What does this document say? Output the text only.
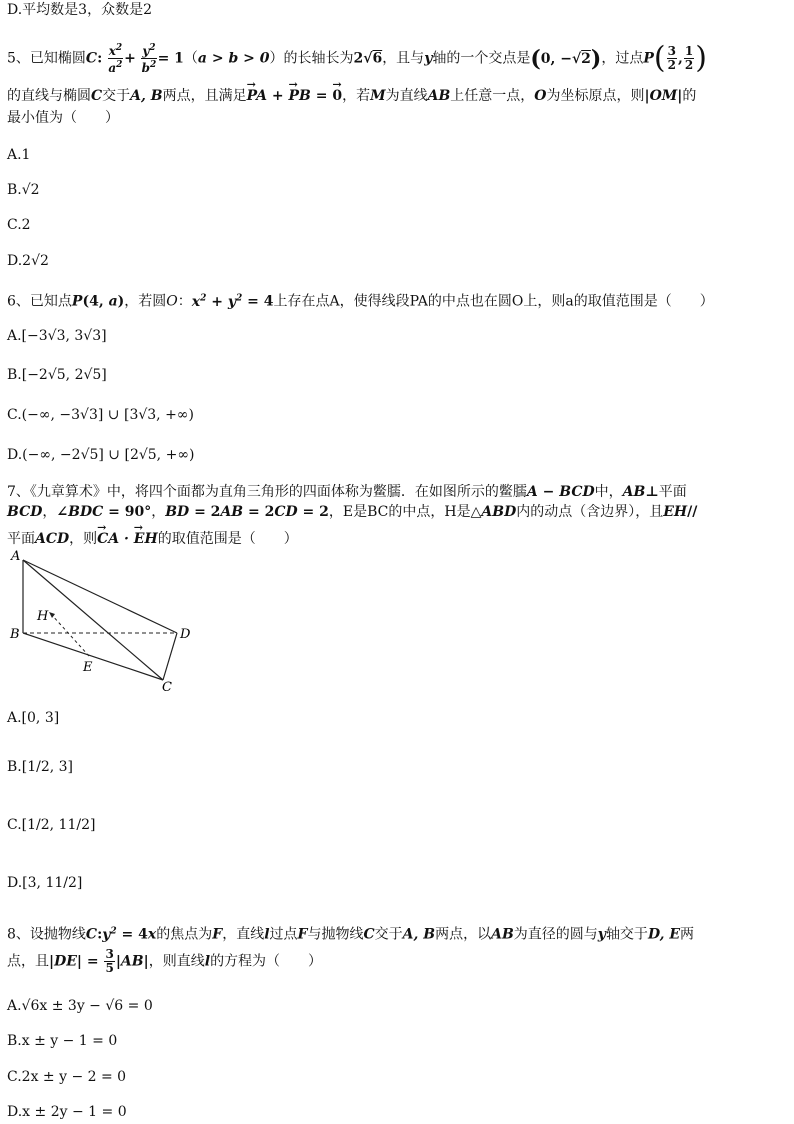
D.平均数是3，众数是2
5、已知椭圆C: $\frac{x^2}{a^2} + \frac{y^2}{b^2} = 1(a > b > 0)$的长轴长为2√6，且与y轴的一个交点是(0, −√2)，过点$P( \frac{3}{2}$ , $\frac{1}{2}$ )
的直线与椭圆C交于A, B两点，且满足→ PA + → PB = → 0，若M为直线AB上任意一点，O为坐标原点，则|OM|的
最小值为（　　）
A.1
B.√2
C.2
D.2√2
6、已知点P(4, a)，若圆O：$x^2 + y^2 = 4$上存在点A，使得线段PA的中点也在圆O上，则a的取值范围是（　　）
A.[−3√3, 3√3]
B.[−2√5, 2√5]
C.(−∞, −3√3] ∪ [3√3, +∞)
D.(−∞, −2√5] ∪ [2√5, +∞)
7、《九章算术》中，将四个面都为直角三角形的四面体称为鳖臑．在如图所示的鳖臑A − BCD中，AB⊥平面
BCD，∠BDC = 90°，BD = 2AB = 2CD = 2，E是BC的中点，H是△ABD内的动点（含边界），且EH//
平面ACD，则→ CA · → EH的取值范围是（　　）
A
B
C
D
E
H
A.[0, 3]
B.[1/2, 3]
C.[1/2, 11/2]
D.[3, 11/2]
8、设抛物线$C:y^2 = 4x$的焦点为F，直线l过点F与抛物线C交于A, B两点，以AB为直径的圆与y轴交于D, E两
点，且$|DE| = \frac{3}{5} |AB|$，则直线l的方程为（　　）
A.√6x ± 3y − √6 = 0
B.x ± y − 1 = 0
C.2x ± y − 2 = 0
D.x ± 2y − 1 = 0
